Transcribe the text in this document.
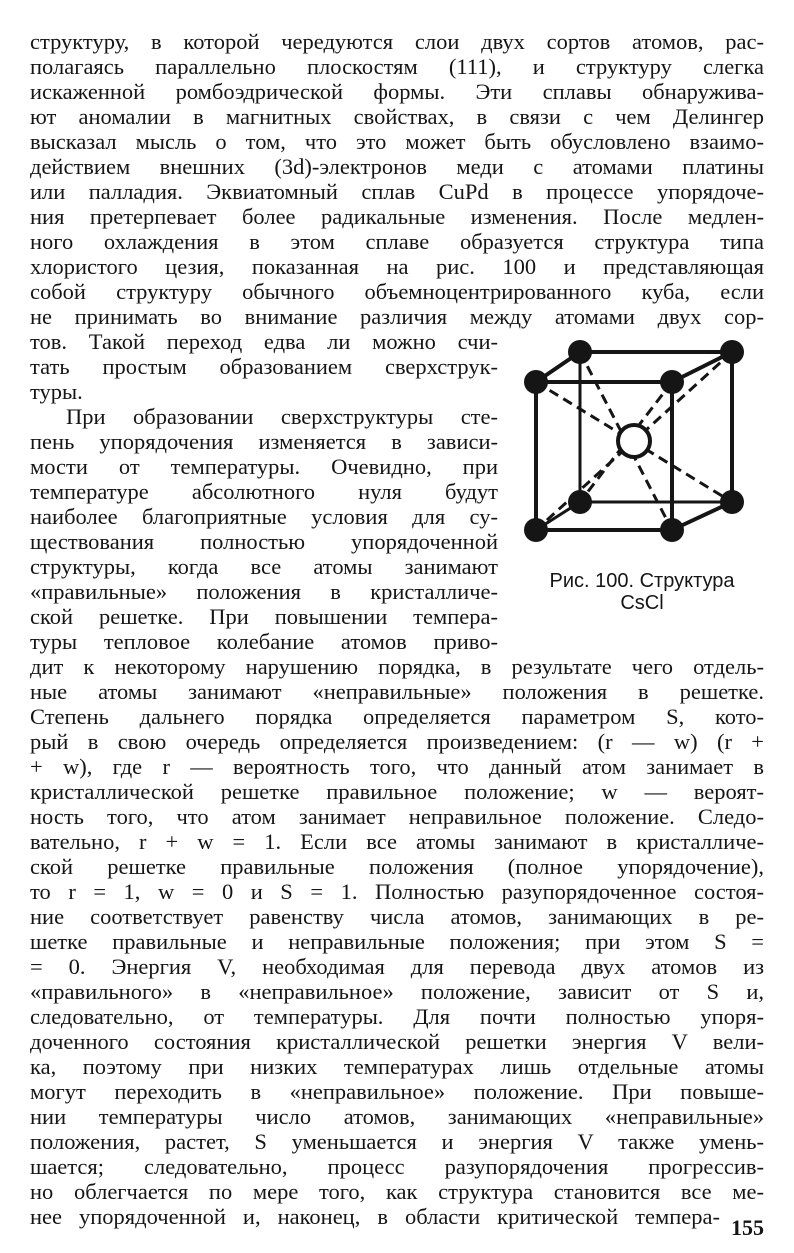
структуру, в которой чередуются слои двух сортов атомов, рас-
полагаясь параллельно плоскостям (111), и структуру слегка
искаженной ромбоэдрической формы. Эти сплавы обнаружива-
ют аномалии в магнитных свойствах, в связи с чем Делингер
высказал мысль о том, что это может быть обусловлено взаимо-
действием внешних (3d)-электронов меди с атомами платины
или палладия. Эквиатомный сплав CuPd в процессе упорядоче-
ния претерпевает более радикальные изменения. После медлен-
ного охлаждения в этом сплаве образуется структура типа
хлористого цезия, показанная на рис. 100 и представляющая
собой структуру обычного объемноцентрированного куба, если
не принимать во внимание различия между атомами двух сор-
тов. Такой переход едва ли можно счи-
тать простым образованием сверхструк-
туры.
При образовании сверхструктуры сте-
пень упорядочения изменяется в зависи-
мости от температуры. Очевидно, при
температуре абсолютного нуля будут
наиболее благоприятные условия для су-
ществования полностью упорядоченной
структуры, когда все атомы занимают
«правильные» положения в кристалличе-
ской решетке. При повышении темпера-
туры тепловое колебание атомов приво-
Рис. 100. Структура
CsCl
дит к некоторому нарушению порядка, в результате чего отдель-
ные атомы занимают «неправильные» положения в решетке.
Степень дальнего порядка определяется параметром S, кото-
рый в свою очередь определяется произведением: (r — w) (r +
+ w), где r — вероятность того, что данный атом занимает в
кристаллической решетке правильное положение; w — вероят-
ность того, что атом занимает неправильное положение. Следо-
вательно, r + w = 1. Если все атомы занимают в кристалличе-
ской решетке правильные положения (полное упорядочение),
то r = 1, w = 0 и S = 1. Полностью разупорядоченное состоя-
ние соответствует равенству числа атомов, занимающих в ре-
шетке правильные и неправильные положения; при этом S =
= 0. Энергия V, необходимая для перевода двух атомов из
«правильного» в «неправильное» положение, зависит от S и,
следовательно, от температуры. Для почти полностью упоря-
доченного состояния кристаллической решетки энергия V вели-
ка, поэтому при низких температурах лишь отдельные атомы
могут переходить в «неправильное» положение. При повыше-
нии температуры число атомов, занимающих «неправильные»
положения, растет, S уменьшается и энергия V также умень-
шается; следовательно, процесс разупорядочения прогрессив-
но облегчается по мере того, как структура становится все ме-
нее упорядоченной и, наконец, в области критической темпера- 155
